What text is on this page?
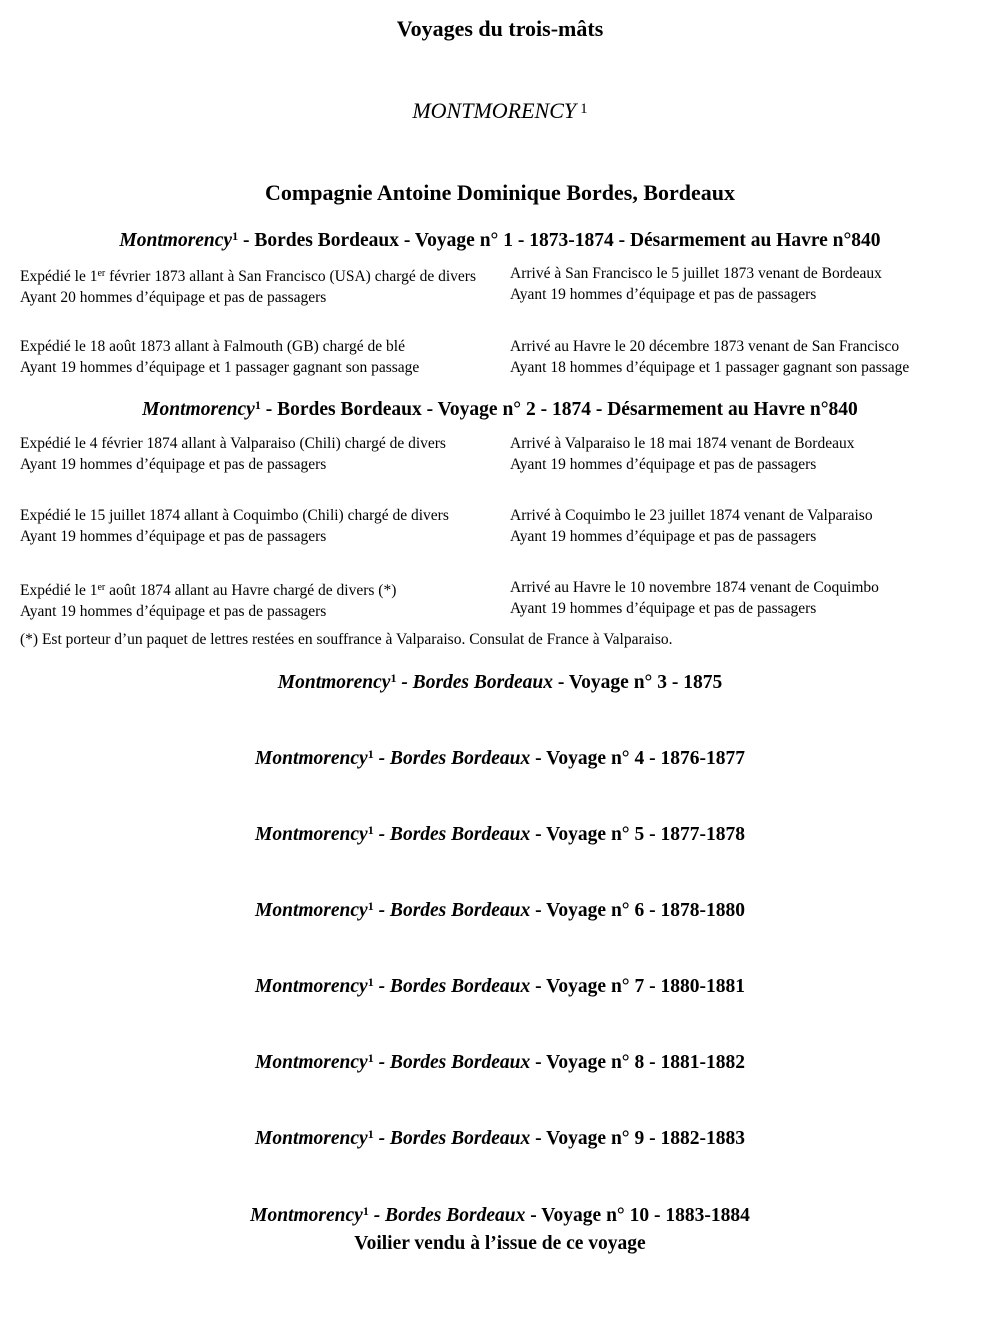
Voyages du trois-mâts
MONTMORENCY $^1$
Compagnie Antoine Dominique Bordes, Bordeaux
Montmorency$^1$ - Bordes Bordeaux - Voyage n° 1 - 1873-1874 - Désarmement au Havre n°840
Expédié le 1er février 1873 allant à San Francisco (USA) chargé de divers
Ayant 20 hommes d’équipage et pas de passagers
Arrivé à San Francisco le 5 juillet 1873 venant de Bordeaux
Ayant 19 hommes d’équipage et pas de passagers
Expédié le 18 août 1873 allant à Falmouth (GB) chargé de blé
Ayant 19 hommes d’équipage et 1 passager gagnant son passage
Arrivé au Havre le 20 décembre 1873 venant de San Francisco
Ayant 18 hommes d’équipage et 1 passager gagnant son passage
Montmorency$^1$ - Bordes Bordeaux - Voyage n° 2 - 1874 - Désarmement au Havre n°840
Expédié le 4 février 1874 allant à Valparaiso (Chili) chargé de divers
Ayant 19 hommes d’équipage et pas de passagers
Arrivé à Valparaiso le 18 mai 1874 venant de Bordeaux
Ayant 19 hommes d’équipage et pas de passagers
Expédié le 15 juillet 1874 allant à Coquimbo (Chili) chargé de divers
Ayant 19 hommes d’équipage et pas de passagers
Arrivé à Coquimbo le 23 juillet 1874 venant de Valparaiso
Ayant 19 hommes d’équipage et pas de passagers
Expédié le 1er août 1874 allant au Havre chargé de divers (*)
Ayant 19 hommes d’équipage et pas de passagers
Arrivé au Havre le 10 novembre 1874 venant de Coquimbo
Ayant 19 hommes d’équipage et pas de passagers
(*) Est porteur d’un paquet de lettres restées en souffrance à Valparaiso. Consulat de France à Valparaiso.
Montmorency$^1$ - Bordes Bordeaux - Voyage n° 3 - 1875
Montmorency$^1$ - Bordes Bordeaux - Voyage n° 4 - 1876-1877
Montmorency$^1$ - Bordes Bordeaux - Voyage n° 5 - 1877-1878
Montmorency$^1$ - Bordes Bordeaux - Voyage n° 6 - 1878-1880
Montmorency$^1$ - Bordes Bordeaux - Voyage n° 7 - 1880-1881
Montmorency$^1$ - Bordes Bordeaux - Voyage n° 8 - 1881-1882
Montmorency$^1$ - Bordes Bordeaux - Voyage n° 9 - 1882-1883
Montmorency$^1$ - Bordes Bordeaux - Voyage n° 10 - 1883-1884
Voilier vendu à l’issue de ce voyage
